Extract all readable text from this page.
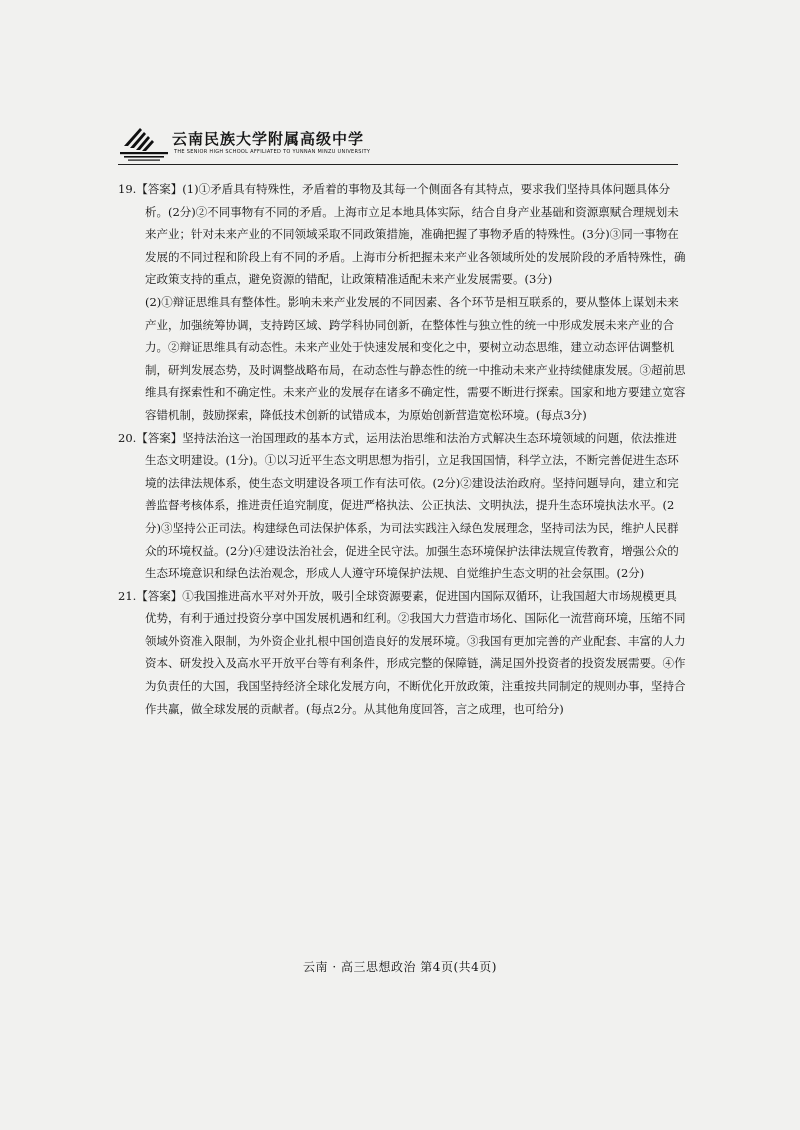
云南民族大学附属高级中学
THE SENIOR HIGH SCHOOL AFFILIATED TO YUNNAN MINZU UNIVERSITY

19.【答案】(1)①矛盾具有特殊性，矛盾着的事物及其每一个侧面各有其特点，要求我们坚持具体问题具体分析。(2分)②不同事物有不同的矛盾。上海市立足本地具体实际，结合自身产业基础和资源禀赋合理规划未来产业；针对未来产业的不同领域采取不同政策措施，准确把握了事物矛盾的特殊性。(3分)③同一事物在发展的不同过程和阶段上有不同的矛盾。上海市分析把握未来产业各领域所处的发展阶段的矛盾特殊性，确定政策支持的重点，避免资源的错配，让政策精准适配未来产业发展需要。(3分)

(2)①辩证思维具有整体性。影响未来产业发展的不同因素、各个环节是相互联系的，要从整体上谋划未来产业，加强统筹协调，支持跨区域、跨学科协同创新，在整体性与独立性的统一中形成发展未来产业的合力。②辩证思维具有动态性。未来产业处于快速发展和变化之中，要树立动态思维，建立动态评估调整机制，研判发展态势，及时调整战略布局，在动态性与静态性的统一中推动未来产业持续健康发展。③超前思维具有探索性和不确定性。未来产业的发展存在诸多不确定性，需要不断进行探索。国家和地方要建立宽容容错机制，鼓励探索，降低技术创新的试错成本，为原始创新营造宽松环境。(每点3分)

20.【答案】坚持法治这一治国理政的基本方式，运用法治思维和法治方式解决生态环境领域的问题，依法推进生态文明建设。(1分)。①以习近平生态文明思想为指引，立足我国国情，科学立法，不断完善促进生态环境的法律法规体系，使生态文明建设各项工作有法可依。(2分)②建设法治政府。坚持问题导向，建立和完善监督考核体系，推进责任追究制度，促进严格执法、公正执法、文明执法，提升生态环境执法水平。(2分)③坚持公正司法。构建绿色司法保护体系，为司法实践注入绿色发展理念，坚持司法为民，维护人民群众的环境权益。(2分)④建设法治社会，促进全民守法。加强生态环境保护法律法规宣传教育，增强公众的生态环境意识和绿色法治观念，形成人人遵守环境保护法规、自觉维护生态文明的社会氛围。(2分)

21.【答案】①我国推进高水平对外开放，吸引全球资源要素，促进国内国际双循环，让我国超大市场规模更具优势，有利于通过投资分享中国发展机遇和红利。②我国大力营造市场化、国际化一流营商环境，压缩不同领域外资准入限制，为外资企业扎根中国创造良好的发展环境。③我国有更加完善的产业配套、丰富的人力资本、研发投入及高水平开放平台等有利条件，形成完整的保障链，满足国外投资者的投资发展需要。④作为负责任的大国，我国坚持经济全球化发展方向，不断优化开放政策，注重按共同制定的规则办事，坚持合作共赢，做全球发展的贡献者。(每点2分。从其他角度回答，言之成理，也可给分)

云南 · 高三思想政治 第4页(共4页)
